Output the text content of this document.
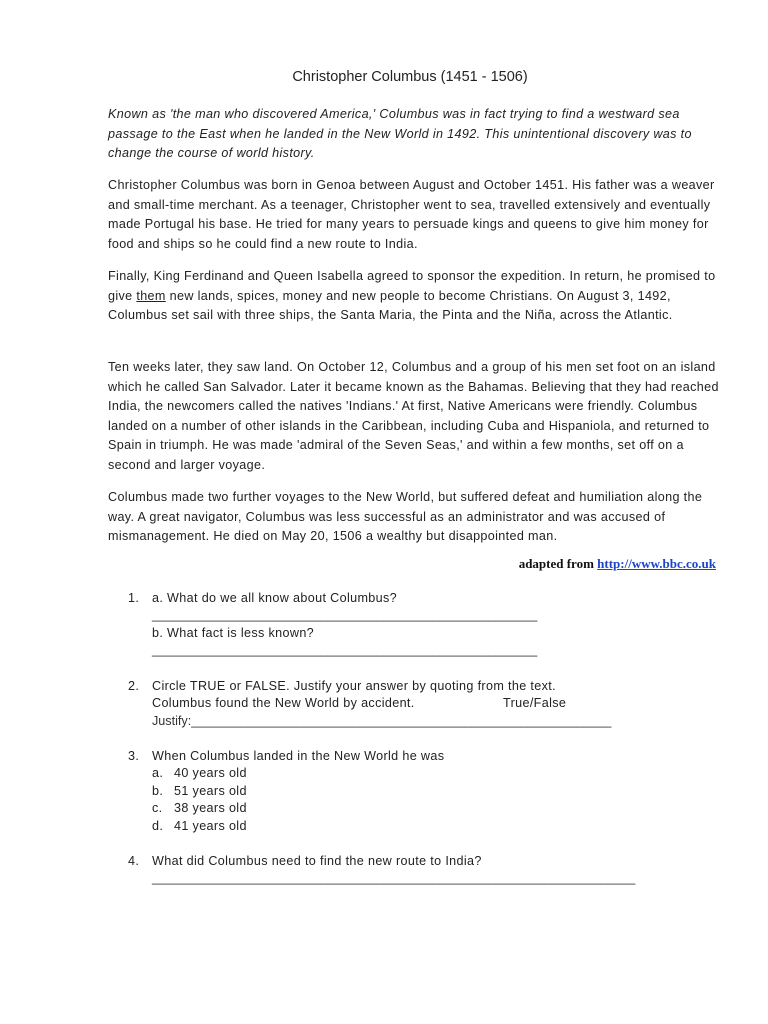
Christopher Columbus (1451 - 1506)

Known as 'the man who discovered America,' Columbus was in fact trying to find a westward sea passage to the East when he landed in the New World in 1492. This unintentional discovery was to change the course of world history.

Christopher Columbus was born in Genoa between August and October 1451. His father was a weaver and small-time merchant. As a teenager, Christopher went to sea, travelled extensively and eventually made Portugal his base. He tried for many years to persuade kings and queens to give him money for food and ships so he could find a new route to India.

Finally, King Ferdinand and Queen Isabella agreed to sponsor the expedition. In return, he promised to give them new lands, spices, money and new people to become Christians. On August 3, 1492, Columbus set sail with three ships, the Santa Maria, the Pinta and the Niña, across the Atlantic.

Ten weeks later, they saw land. On October 12, Columbus and a group of his men set foot on an island which he called San Salvador. Later it became known as the Bahamas. Believing that they had reached India, the newcomers called the natives 'Indians.' At first, Native Americans were friendly. Columbus landed on a number of other islands in the Caribbean, including Cuba and Hispaniola, and returned to Spain in triumph. He was made 'admiral of the Seven Seas,' and within a few months, set off on a second and larger voyage.

Columbus made two further voyages to the New World, but suffered defeat and humiliation along the way. A great navigator, Columbus was less successful as an administrator and was accused of mismanagement. He died on May 20, 1506 a wealthy but disappointed man.

adapted from http://www.bbc.co.uk
1. a. What do we all know about Columbus?
_______________________________________________________
b. What fact is less known?
_______________________________________________________
2. Circle TRUE or FALSE. Justify your answer by quoting from the text.
Columbus found the New World by accident.	True/False
Justify:____________________________________________________________
3. When Columbus landed in the New World he was
a. 40 years old
b. 51 years old
c. 38 years old
d. 41 years old
4. What did Columbus need to find the new route to India?
_____________________________________________________________________
